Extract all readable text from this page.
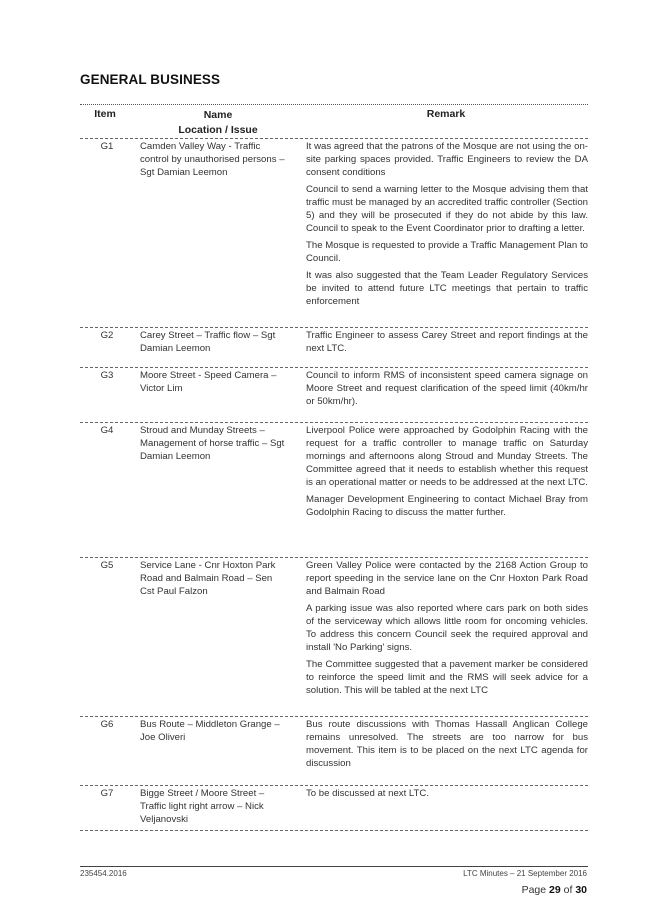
GENERAL BUSINESS
Item	Name
Location / Issue
Remark
G1	Camden Valley Way - Traffic control by unauthorised persons – Sgt Damian Leemon

It was agreed that the patrons of the Mosque are not using the on-site parking spaces provided. Traffic Engineers to review the DA consent conditions

Council to send a warning letter to the Mosque advising them that traffic must be managed by an accredited traffic controller (Section 5) and they will be prosecuted if they do not abide by this law. Council to speak to the Event Coordinator prior to drafting a letter.

The Mosque is requested to provide a Traffic Management Plan to Council.

It was also suggested that the Team Leader Regulatory Services be invited to attend future LTC meetings that pertain to traffic enforcement

G2	Carey Street – Traffic flow – Sgt Damian Leemon

Traffic Engineer to assess Carey Street and report findings at the next LTC.

G3	Moore Street - Speed Camera – Victor Lim

Council to inform RMS of inconsistent speed camera signage on Moore Street and request clarification of the speed limit (40km/hr or 50km/hr).

G4	Stroud and Munday Streets – Management of horse traffic – Sgt Damian Leemon

Liverpool Police were approached by Godolphin Racing with the request for a traffic controller to manage traffic on Saturday mornings and afternoons along Stroud and Munday Streets. The Committee agreed that it needs to establish whether this request is an operational matter or needs to be addressed at the next LTC.

Manager Development Engineering to contact Michael Bray from Godolphin Racing to discuss the matter further.

G5	Service Lane - Cnr Hoxton Park Road and Balmain Road – Sen Cst Paul Falzon

Green Valley Police were contacted by the 2168 Action Group to report speeding in the service lane on the Cnr Hoxton Park Road and Balmain Road

A parking issue was also reported where cars park on both sides of the serviceway which allows little room for oncoming vehicles. To address this concern Council seek the required approval and install 'No Parking' signs.

The Committee suggested that a pavement marker be considered to reinforce the speed limit and the RMS will seek advice for a solution. This will be tabled at the next LTC

G6	Bus Route – Middleton Grange – Joe Oliveri

Bus route discussions with Thomas Hassall Anglican College remains unresolved. The streets are too narrow for bus movement. This item is to be placed on the next LTC agenda for discussion

G7	Bigge Street / Moore Street – Traffic light right arrow – Nick Veljanovski

To be discussed at next LTC.

235454.2016	LTC Minutes – 21 September 2016
Page 29 of 30
